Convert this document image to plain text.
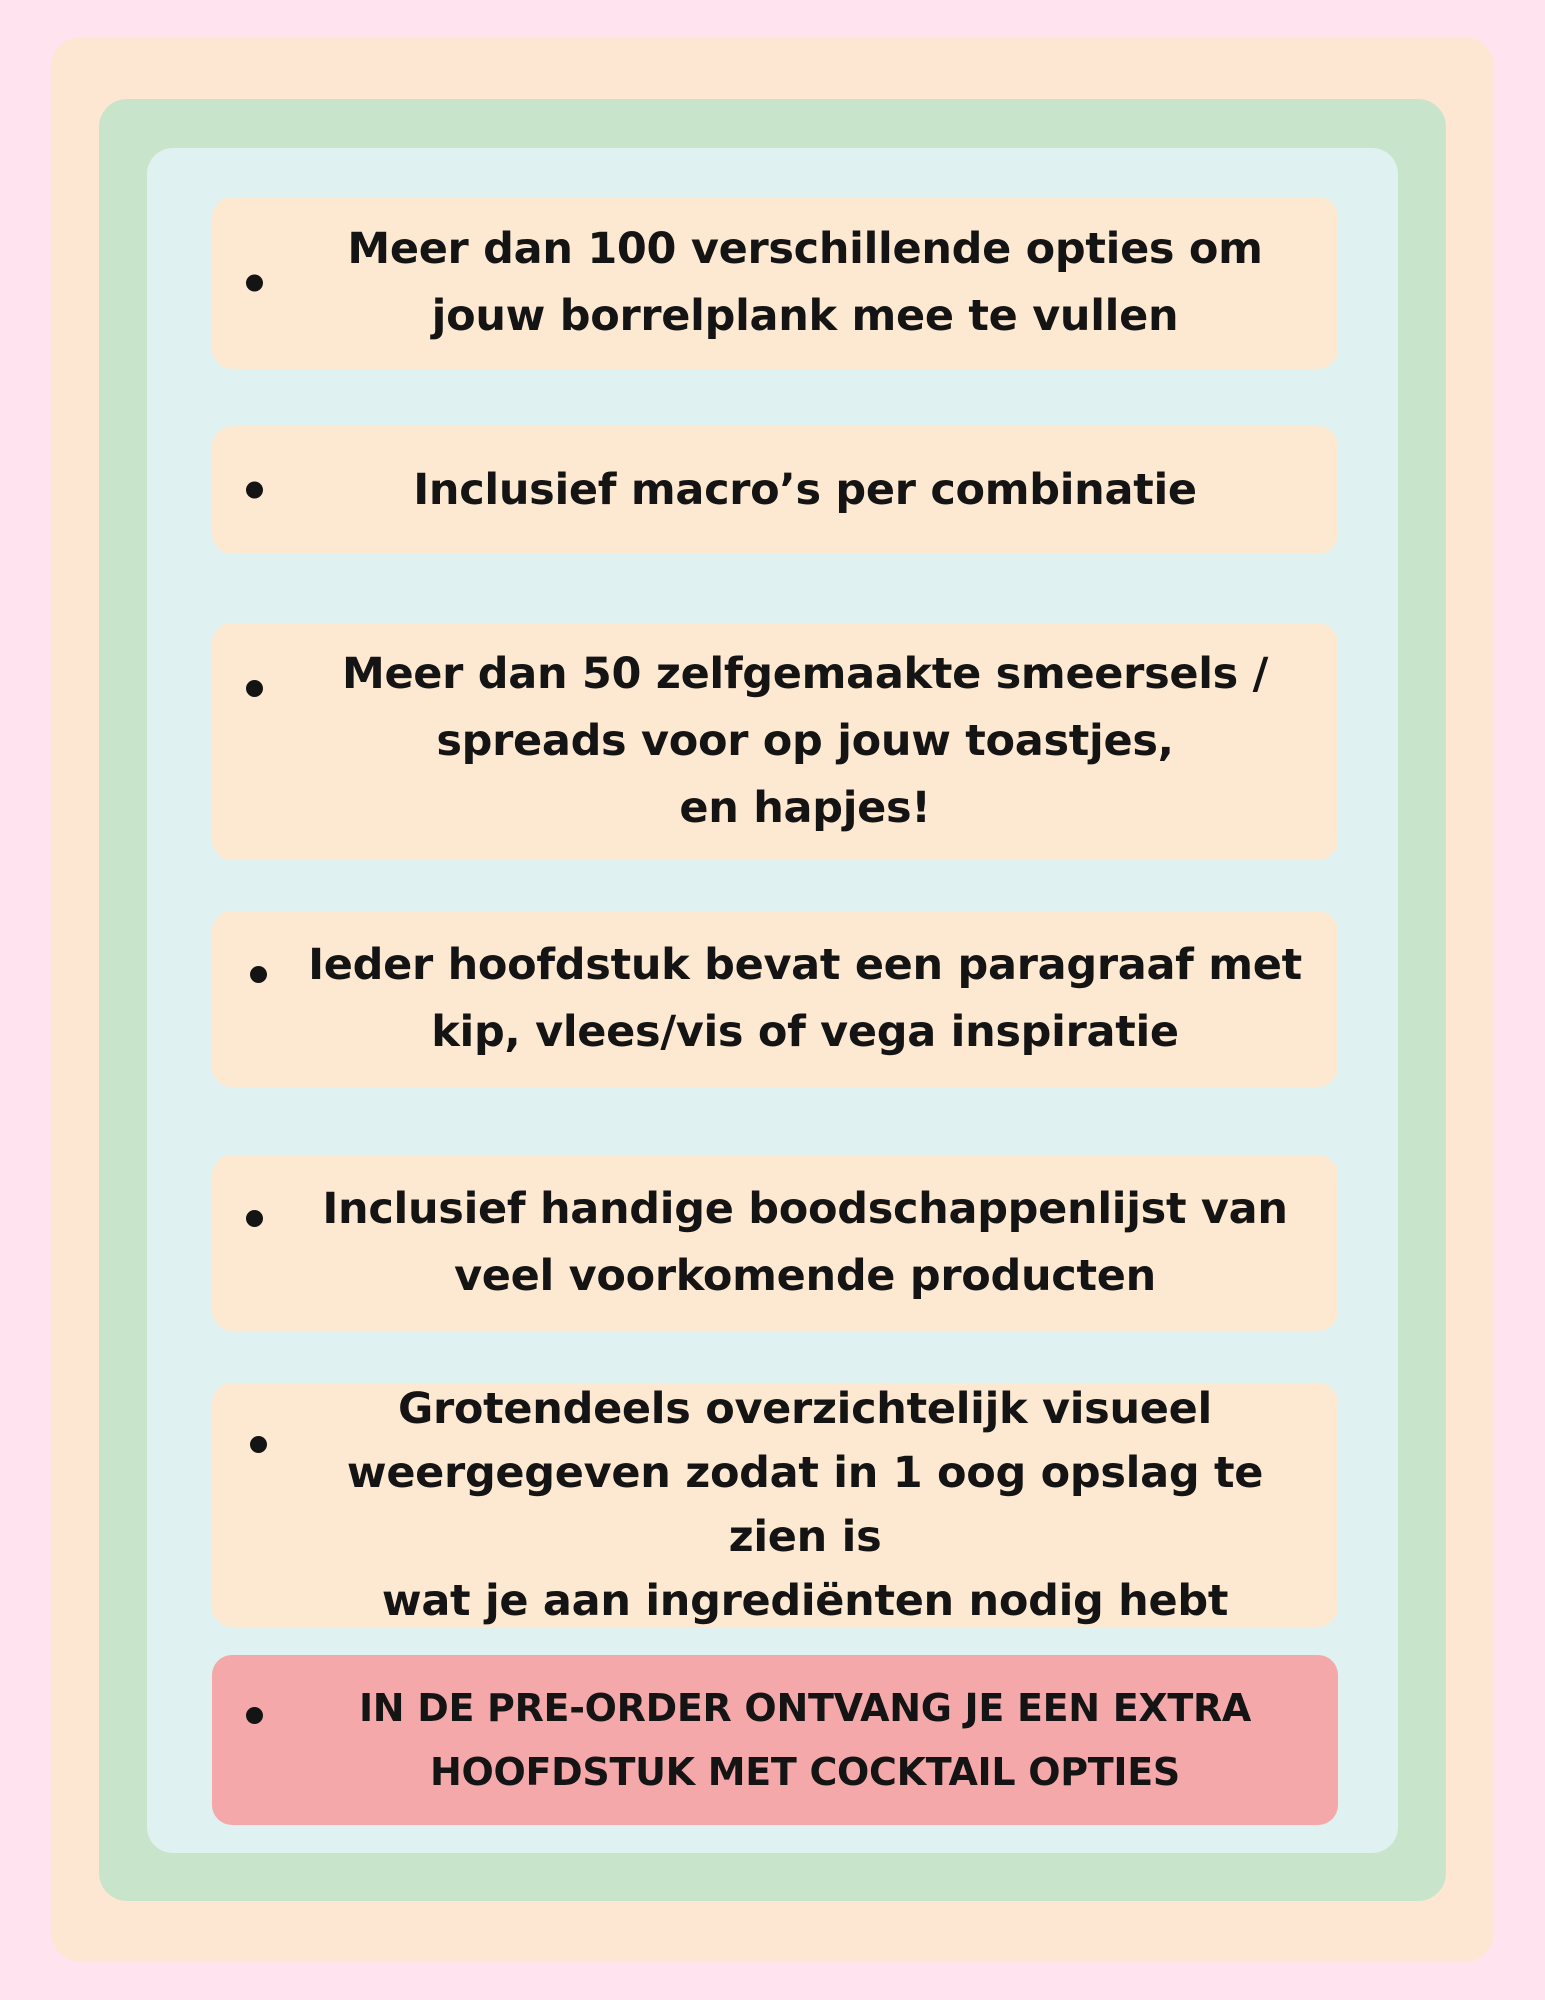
Meer dan 100 verschillende opties om
jouw borrelplank mee te vullen
Inclusief macro’s per combinatie
Meer dan 50 zelfgemaakte smeersels /
spreads voor op jouw toastjes,
en hapjes!
Ieder hoofdstuk bevat een paragraaf met
kip, vlees/vis of vega inspiratie
Inclusief handige boodschappenlijst van
veel voorkomende producten
Grotendeels overzichtelijk visueel
weergegeven zodat in 1 oog opslag te zien is
wat je aan ingrediënten nodig hebt
IN DE PRE-ORDER ONTVANG JE EEN EXTRA
HOOFDSTUK MET COCKTAIL OPTIES
